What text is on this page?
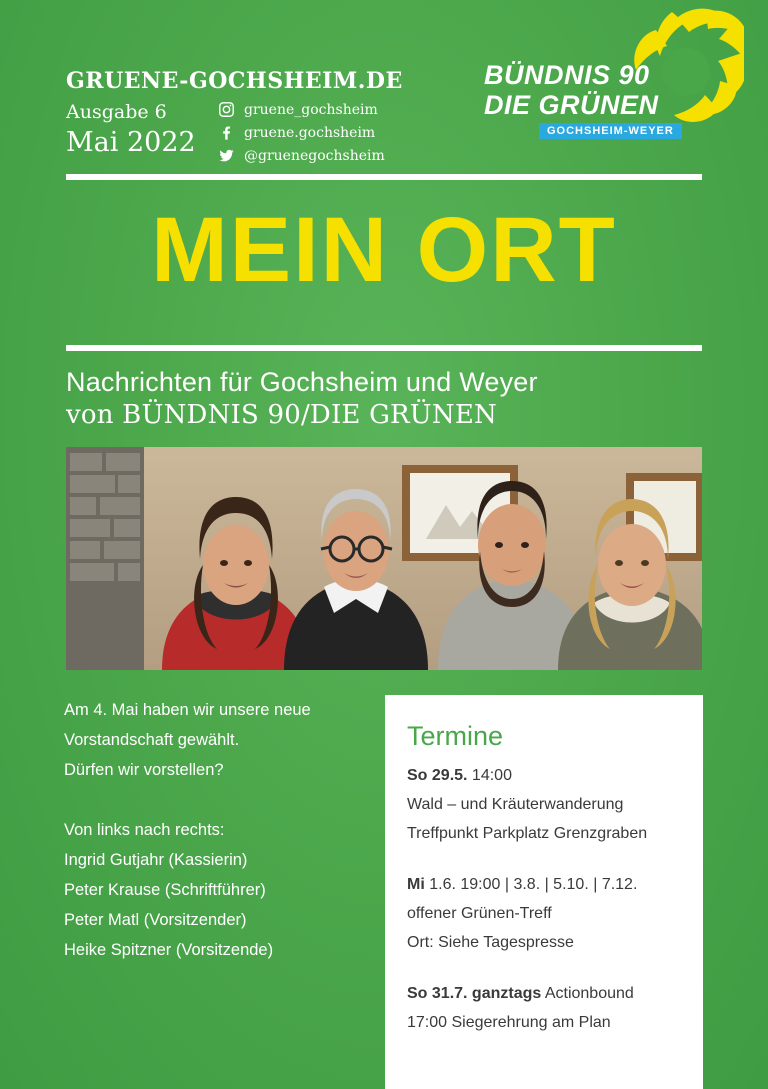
GRUENE-GOCHSHEIM.DE
Ausgabe 6
Mai 2022
gruene_gochsheim
gruene.gochsheim
@gruenegochsheim
BÜNDNIS 90
DIE GRÜNEN
GOCHSHEIM-WEYER
MEIN ORT
Nachrichten für Gochsheim und Weyer
von BÜNDNIS 90/DIE GRÜNEN

Am 4. Mai haben wir unsere neue

Vorstandschaft gewählt.

Dürfen wir vorstellen?

Von links nach rechts:

Ingrid Gutjahr (Kassierin)

Peter Krause (Schriftführer)

Peter Matl (Vorsitzender)

Heike Spitzner (Vorsitzende)

Termine
So 29.5. 14:00
Wald – und Kräuterwanderung
Treffpunkt Parkplatz Grenzgraben
Mi 1.6. 19:00 | 3.8. | 5.10. | 7.12.
offener Grünen-Treff
Ort: Siehe Tagespresse
So 31.7. ganztags Actionbound
17:00 Siegerehrung am Plan
